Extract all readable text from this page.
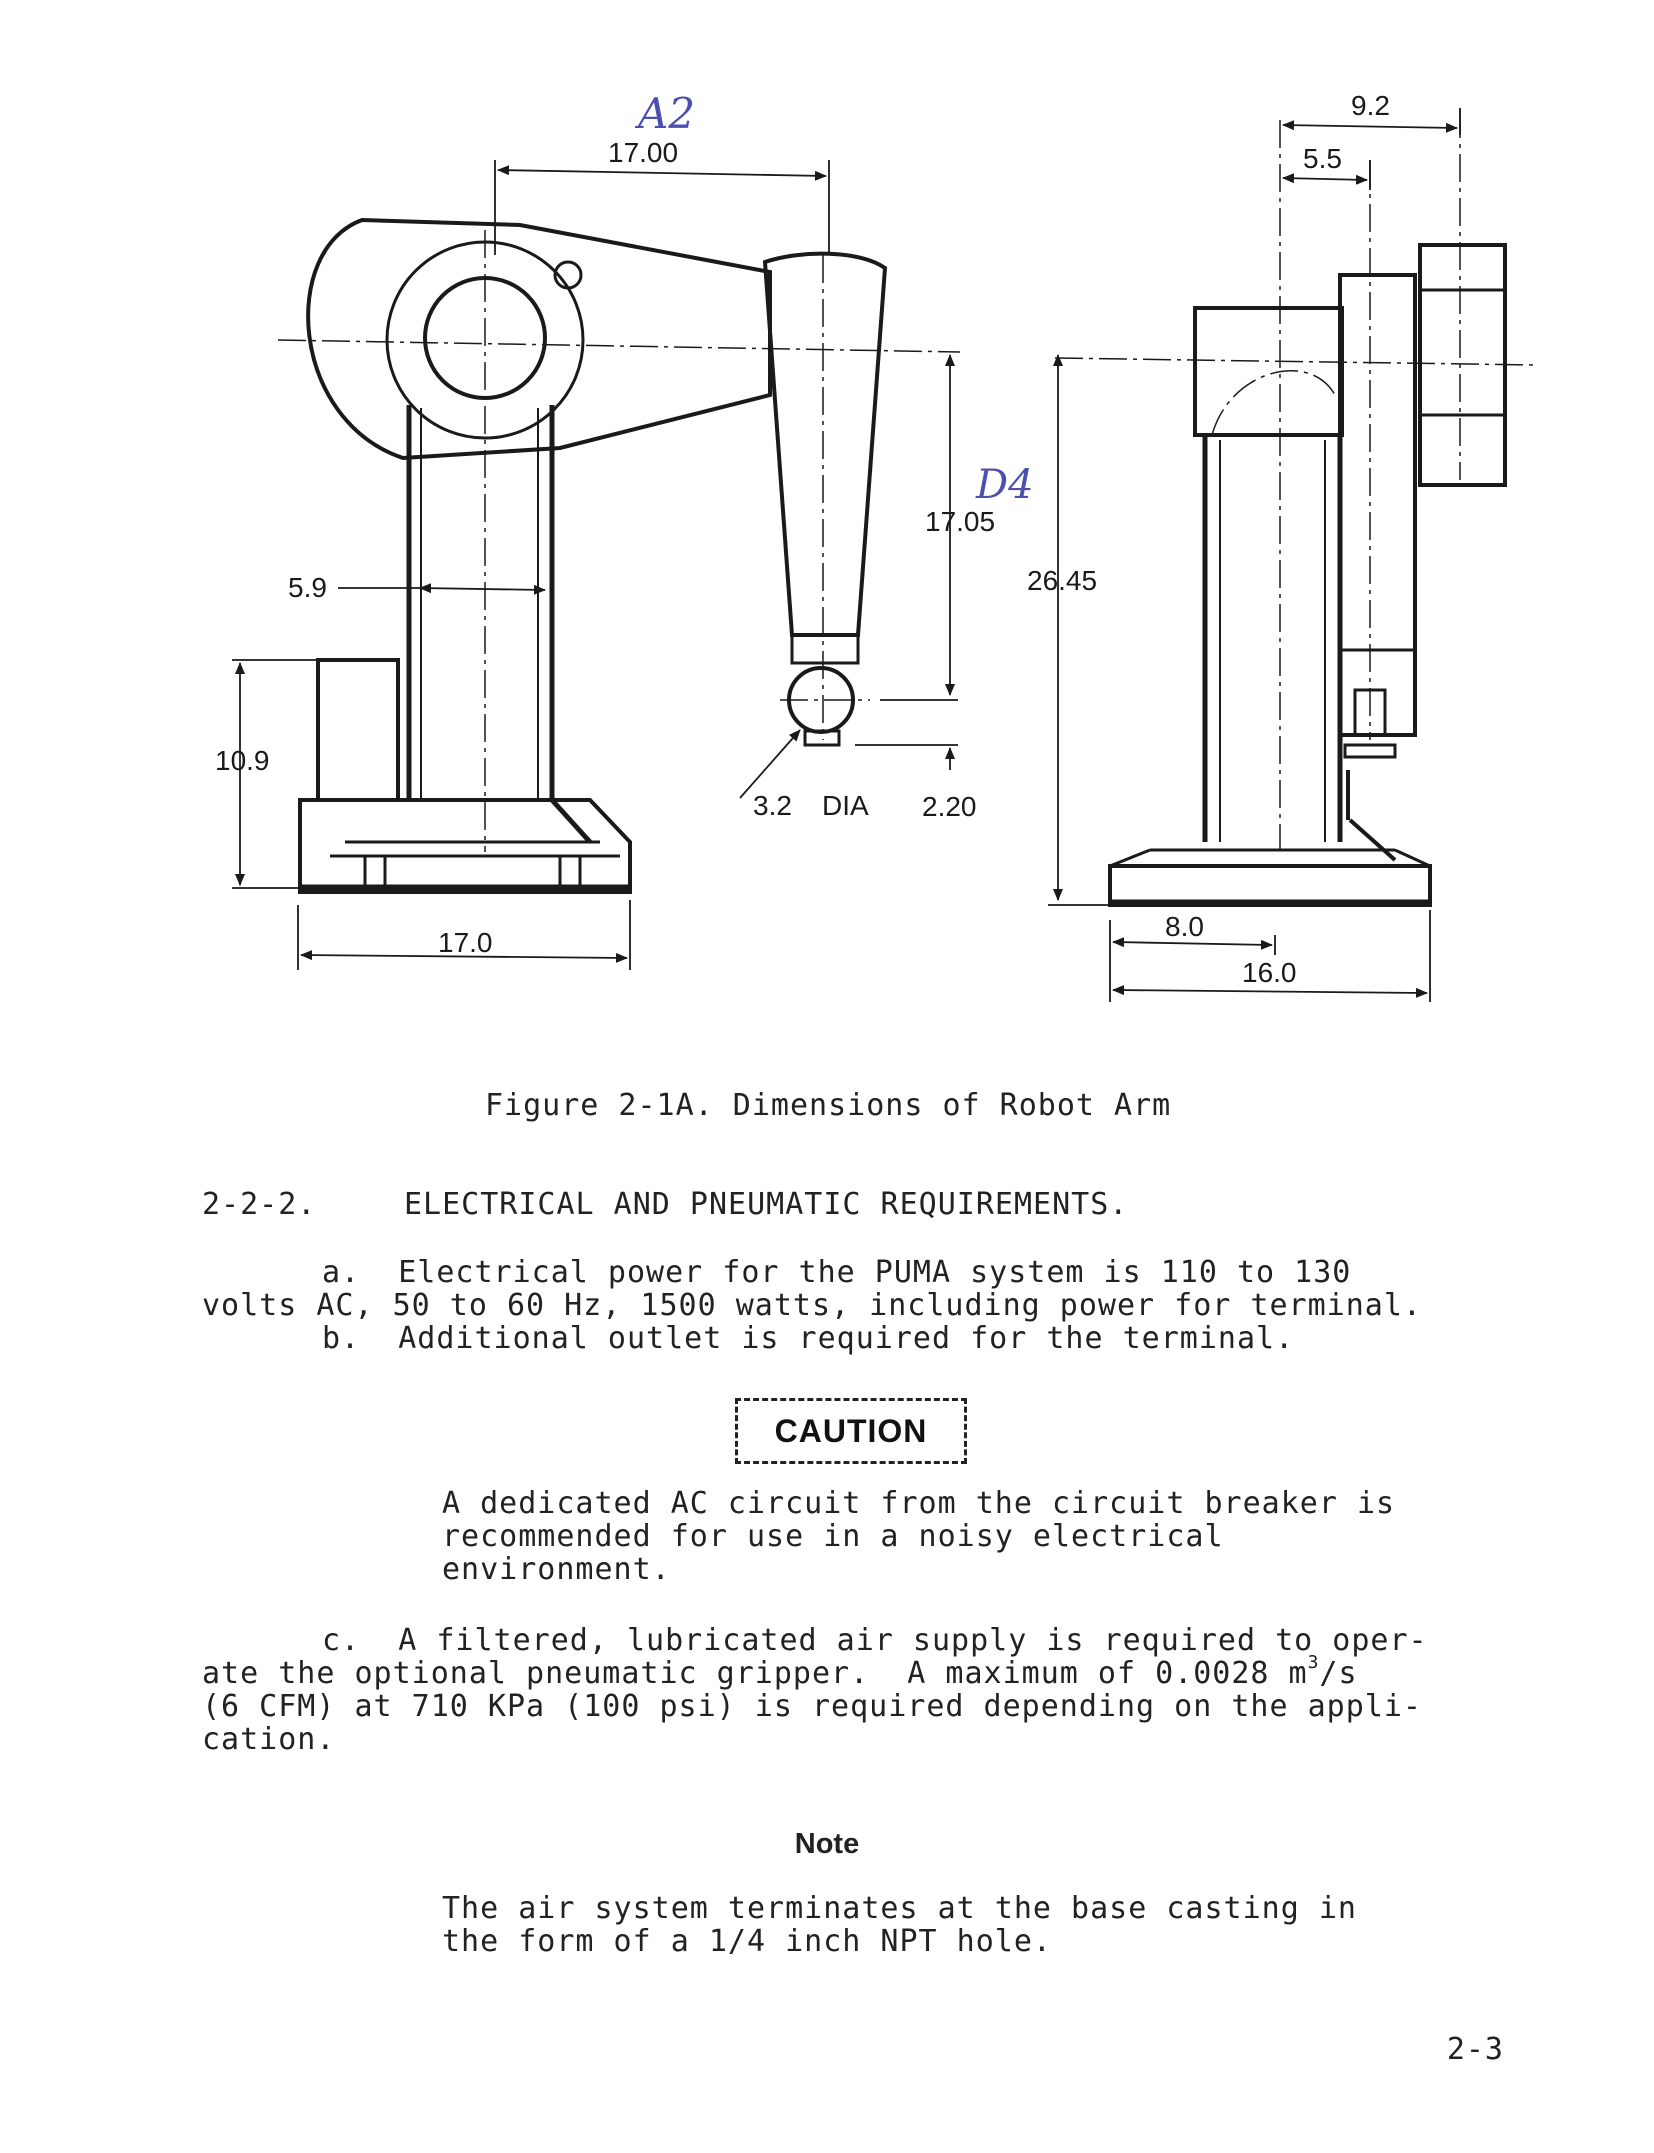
A2
17.00
D4
17.05
26.45
5.9
10.9
17.0
3.2 DIA 2.20
9.2
5.5
8.0
16.0
Figure 2-1A. Dimensions of Robot Arm
2-2-2.	ELECTRICAL AND PNEUMATIC REQUIREMENTS.
a.  Electrical power for the PUMA system is 110 to 130
volts AC, 50 to 60 Hz, 1500 watts, including power for terminal.
b.  Additional outlet is required for the terminal.
CAUTION
A dedicated AC circuit from the circuit breaker is recommended for use in a noisy electrical environment.
c.  A filtered, lubricated air supply is required to oper-
ate the optional pneumatic gripper.  A maximum of 0.0028 $m^3/s$
(6 CFM) at 710 KPa (100 psi) is required depending on the appli-
cation.
Note
The air system terminates at the base casting in the form of a 1/4 inch NPT hole.
2-3
